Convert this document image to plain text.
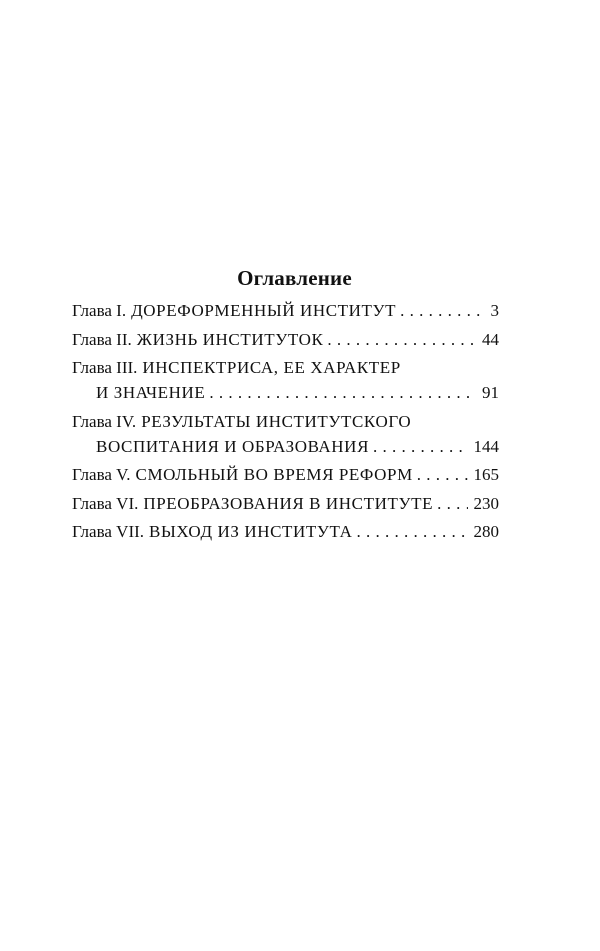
Оглавление
Глава I. ДОРЕФОРМЕННЫЙ ИНСТИТУТ . . .	3
Глава II. ЖИЗНЬ ИНСТИТУТОК . . .	44
Глава III. ИНСПЕКТРИСА, ЕЕ ХАРАКТЕР
И ЗНАЧЕНИЕ . . .	91
Глава IV. РЕЗУЛЬТАТЫ ИНСТИТУТСКОГО
ВОСПИТАНИЯ И ОБРАЗОВАНИЯ . . .	144
Глава V. СМОЛЬНЫЙ ВО ВРЕМЯ РЕФОРМ . . .	165
Глава VI. ПРЕОБРАЗОВАНИЯ В ИНСТИТУТЕ . . . 230
Глава VII. ВЫХОД ИЗ ИНСТИТУТА . . .	280
